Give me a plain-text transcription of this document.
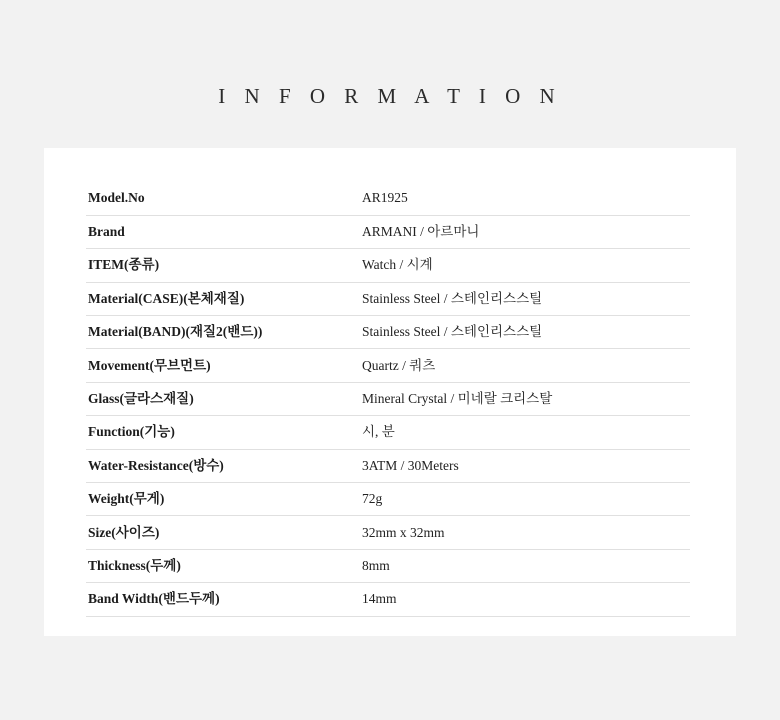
I N F O R M A T I O N
Model.No	AR1925
Brand	ARMANI / 아르마니
ITEM(종류)	Watch / 시계
Material(CASE)(본체재질)	Stainless Steel / 스테인리스스틸
Material(BAND)(재질2(밴드))	Stainless Steel / 스테인리스스틸
Movement(무브먼트)	Quartz / 쿼츠
Glass(글라스재질)	Mineral Crystal / 미네랄 크리스탈
Function(기능)	시, 분
Water-Resistance(방수)	3ATM / 30Meters
Weight(무게)	72g
Size(사이즈)	32mm x 32mm
Thickness(두께)	8mm
Band Width(밴드두께)	14mm
